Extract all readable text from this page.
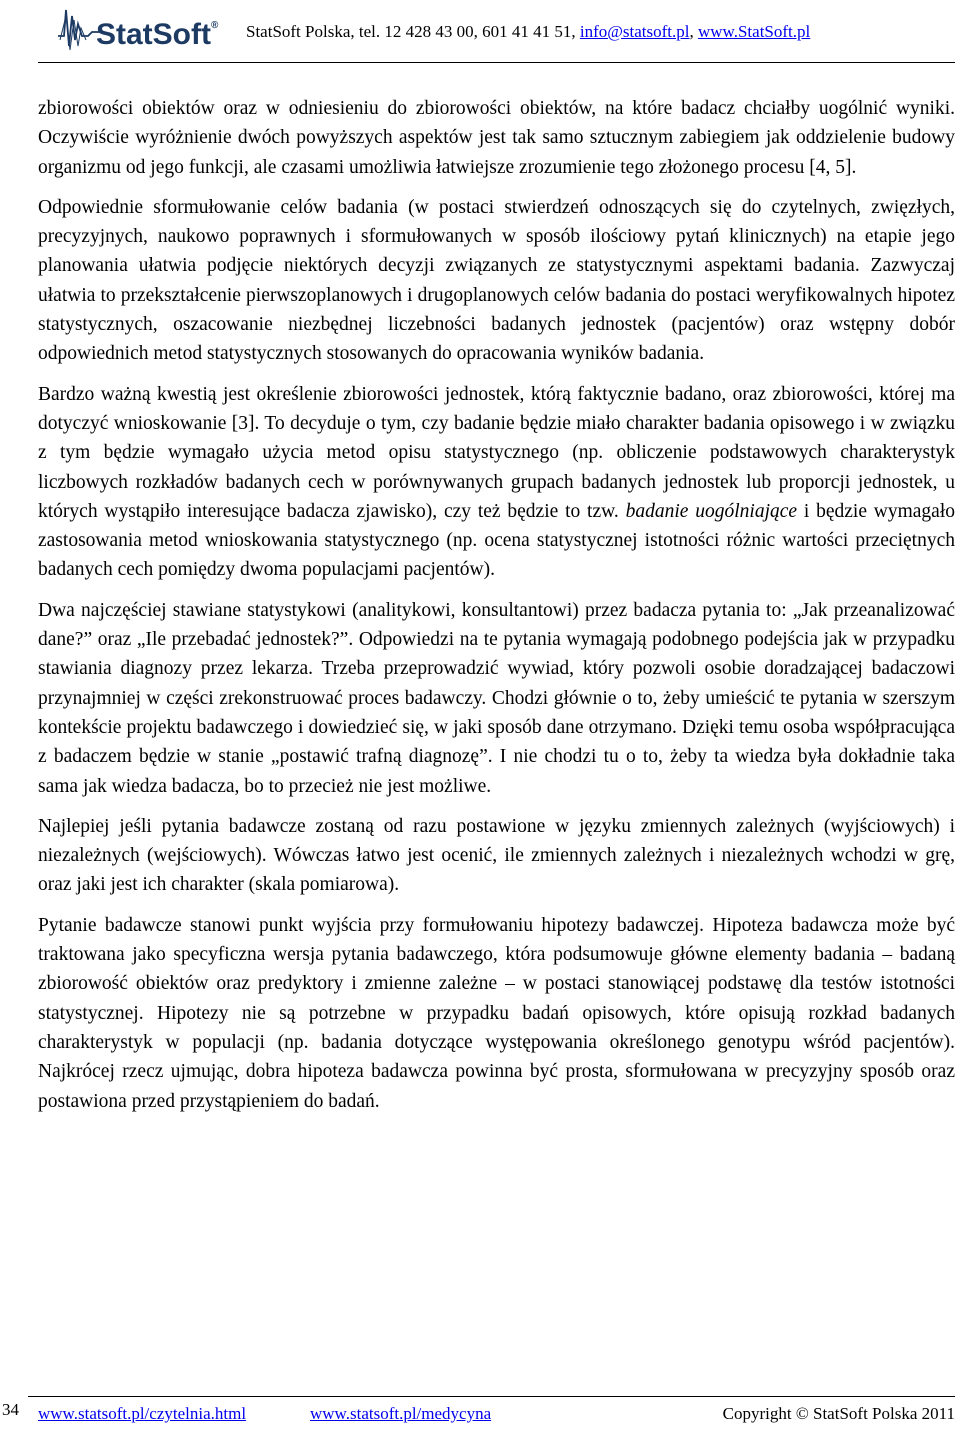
StatSoft® StatSoft Polska, tel. 12 428 43 00, 601 41 41 51, info@statsoft.pl, www.StatSoft.pl

zbiorowości obiektów oraz w odniesieniu do zbiorowości obiektów, na które badacz chciałby uogólnić wyniki. Oczywiście wyróżnienie dwóch powyższych aspektów jest tak samo sztucznym zabiegiem jak oddzielenie budowy organizmu od jego funkcji, ale czasami umożliwia łatwiejsze zrozumienie tego złożonego procesu [4, 5].

Odpowiednie sformułowanie celów badania (w postaci stwierdzeń odnoszących się do czytelnych, zwięzłych, precyzyjnych, naukowo poprawnych i sformułowanych w sposób ilościowy pytań klinicznych) na etapie jego planowania ułatwia podjęcie niektórych decyzji związanych ze statystycznymi aspektami badania. Zazwyczaj ułatwia to przekształcenie pierwszoplanowych i drugoplanowych celów badania do postaci weryfikowalnych hipotez statystycznych, oszacowanie niezbędnej liczebności badanych jednostek (pacjentów) oraz wstępny dobór odpowiednich metod statystycznych stosowanych do opracowania wyników badania.

Bardzo ważną kwestią jest określenie zbiorowości jednostek, którą faktycznie badano, oraz zbiorowości, której ma dotyczyć wnioskowanie [3]. To decyduje o tym, czy badanie będzie miało charakter badania opisowego i w związku z tym będzie wymagało użycia metod opisu statystycznego (np. obliczenie podstawowych charakterystyk liczbowych rozkładów badanych cech w porównywanych grupach badanych jednostek lub proporcji jednostek, u których wystąpiło interesujące badacza zjawisko), czy też będzie to tzw. badanie uogólniające i będzie wymagało zastosowania metod wnioskowania statystycznego (np. ocena statystycznej istotności różnic wartości przeciętnych badanych cech pomiędzy dwoma populacjami pacjentów).

Dwa najczęściej stawiane statystykowi (analitykowi, konsultantowi) przez badacza pytania to: „Jak przeanalizować dane?” oraz „Ile przebadać jednostek?”. Odpowiedzi na te pytania wymagają podobnego podejścia jak w przypadku stawiania diagnozy przez lekarza. Trzeba przeprowadzić wywiad, który pozwoli osobie doradzającej badaczowi przynajmniej w części zrekonstruować proces badawczy. Chodzi głównie o to, żeby umieścić te pytania w szerszym kontekście projektu badawczego i dowiedzieć się, w jaki sposób dane otrzymano. Dzięki temu osoba współpracująca z badaczem będzie w stanie „postawić trafną diagnozę”. I nie chodzi tu o to, żeby ta wiedza była dokładnie taka sama jak wiedza badacza, bo to przecież nie jest możliwe.

Najlepiej jeśli pytania badawcze zostaną od razu postawione w języku zmiennych zależnych (wyjściowych) i niezależnych (wejściowych). Wówczas łatwo jest ocenić, ile zmiennych zależnych i niezależnych wchodzi w grę, oraz jaki jest ich charakter (skala pomiarowa).

Pytanie badawcze stanowi punkt wyjścia przy formułowaniu hipotezy badawczej. Hipoteza badawcza może być traktowana jako specyficzna wersja pytania badawczego, która podsumowuje główne elementy badania – badaną zbiorowość obiektów oraz predyktory i zmienne zależne – w postaci stanowiącej podstawę dla testów istotności statystycznej. Hipotezy nie są potrzebne w przypadku badań opisowych, które opisują rozkład badanych charakterystyk w populacji (np. badania dotyczące występowania określonego genotypu wśród pacjentów). Najkrócej rzecz ujmując, dobra hipoteza badawcza powinna być prosta, sformułowana w precyzyjny sposób oraz postawiona przed przystąpieniem do badań.

34 www.statsoft.pl/czytelnia.html	www.statsoft.pl/medycyna	Copyright © StatSoft Polska 2011
